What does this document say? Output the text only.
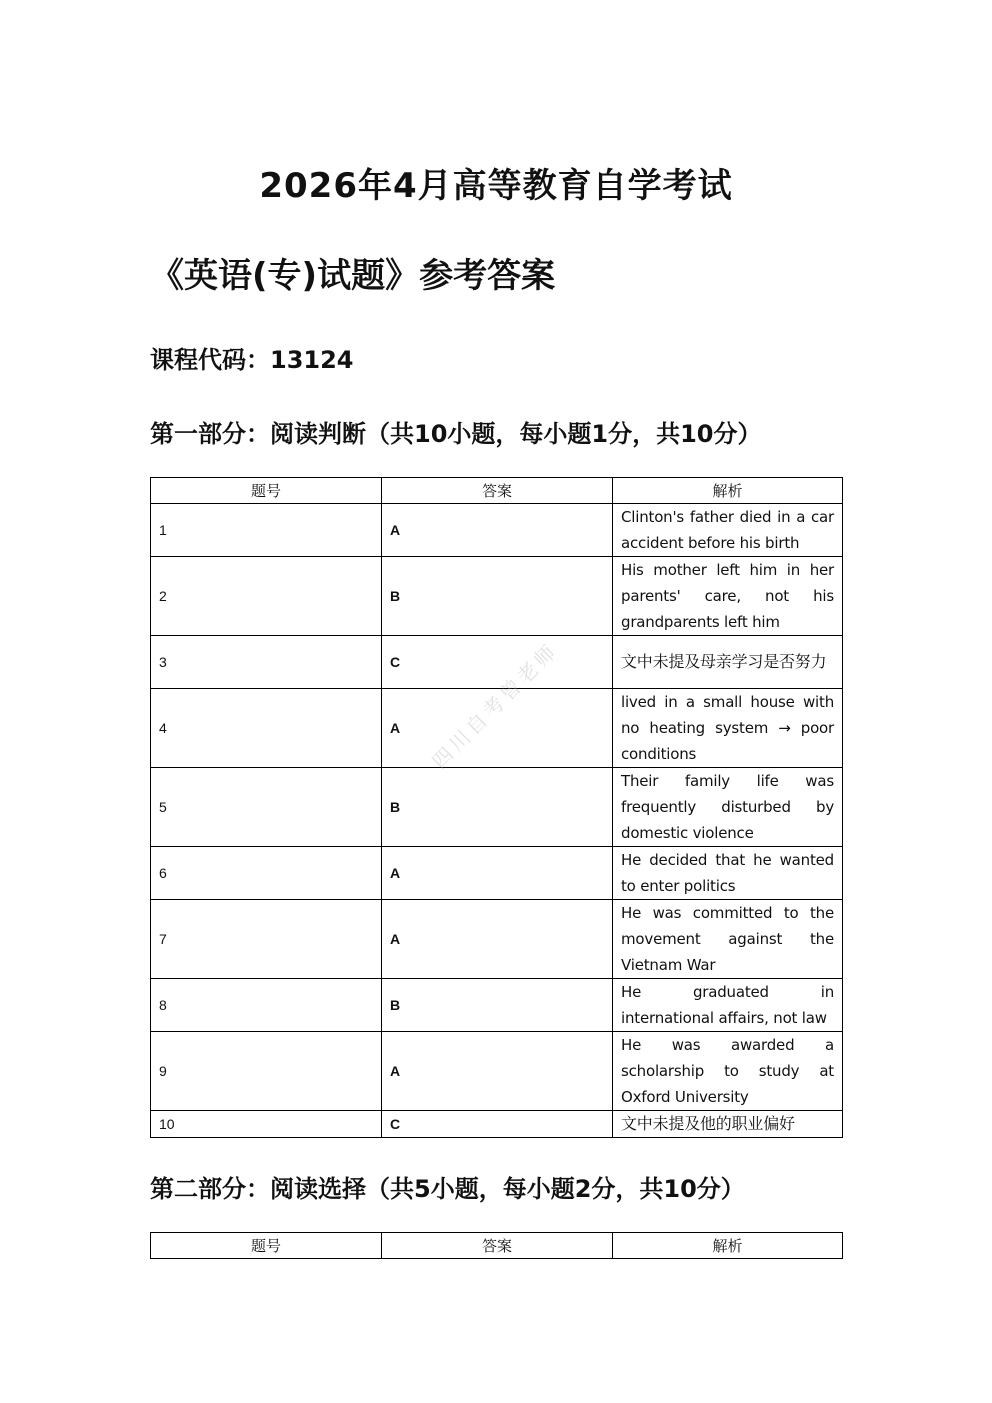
2026年4月高等教育自学考试
《英语(专)试题》参考答案
课程代码：13124
第一部分：阅读判断（共10小题，每小题1分，共10分）
题号	答案	解析
1	A	Clinton's father died in a car accident before his birth
2	B	His mother left him in her parents' care, not his grandparents left him
3	C	文中未提及母亲学习是否努力
4	A	lived in a small house with no heating system → poor conditions
5	B	Their family life was frequently disturbed by domestic violence
6	A	He decided that he wanted to enter politics
7	A	He was committed to the movement against the Vietnam War
8	B	He graduated in international affairs, not law
9	A	He was awarded a scholarship to study at Oxford University
10	C	文中未提及他的职业偏好
第二部分：阅读选择（共5小题，每小题2分，共10分）
题号	答案	解析
四川自考曾老师
